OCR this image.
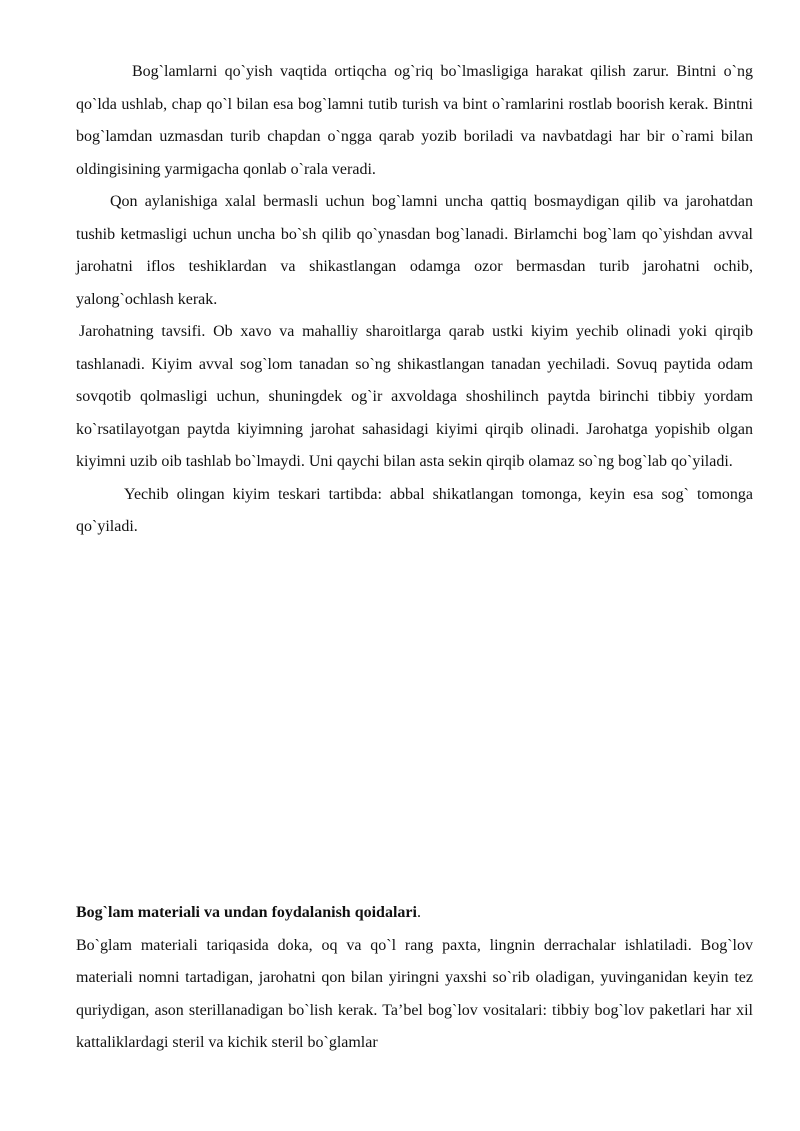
Bog`lamlarni qo`yish vaqtida ortiqcha og`riq bo`lmasligiga harakat qilish zarur. Bintni o`ng qo`lda ushlab, chap qo`l bilan esa bog`lamni tutib turish va bint o`ramlarini rostlab boorish kerak. Bintni bog`lamdan uzmasdan turib chapdan o`ngga qarab yozib boriladi va navbatdagi har bir o`rami bilan oldingisining yarmigacha qonlab o`rala veradi.

Qon aylanishiga xalal bermasli uchun bog`lamni uncha qattiq bosmaydigan qilib va jarohatdan tushib ketmasligi uchun uncha bo`sh qilib qo`ynasdan bog`lanadi. Birlamchi bog`lam qo`yishdan avval jarohatni iflos teshiklardan va shikastlangan odamga ozor bermasdan turib jarohatni ochib, yalong`ochlash kerak.

Jarohatning tavsifi. Ob xavo va mahalliy sharoitlarga qarab ustki kiyim yechib olinadi yoki qirqib tashlanadi. Kiyim avval sog`lom tanadan so`ng shikastlangan tanadan yechiladi. Sovuq paytida odam sovqotib qolmasligi uchun, shuningdek og`ir axvoldaga shoshilinch paytda birinchi tibbiy yordam ko`rsatilayotgan paytda kiyimning jarohat sahasidagi kiyimi qirqib olinadi. Jarohatga yopishib olgan kiyimni uzib oib tashlab bo`lmaydi. Uni qaychi bilan asta sekin qirqib olamaz so`ng bog`lab qo`yiladi.

Yechib olingan kiyim teskari tartibda: abbal shikatlangan tomonga, keyin esa sog` tomonga qo`yiladi.

Bog`lam materiali va undan foydalanish qoidalari.

Bo`glam materiali tariqasida doka, oq va qo`l rang paxta, lingnin derrachalar ishlatiladi. Bog`lov materiali nomni tartadigan, jarohatni qon bilan yiringni yaxshi so`rib oladigan, yuvinganidan keyin tez quriydigan, ason sterillanadigan bo`lish kerak. Ta’bel bog`lov vositalari: tibbiy bog`lov paketlari har xil kattaliklardagi steril va kichik steril bo`glamlar
